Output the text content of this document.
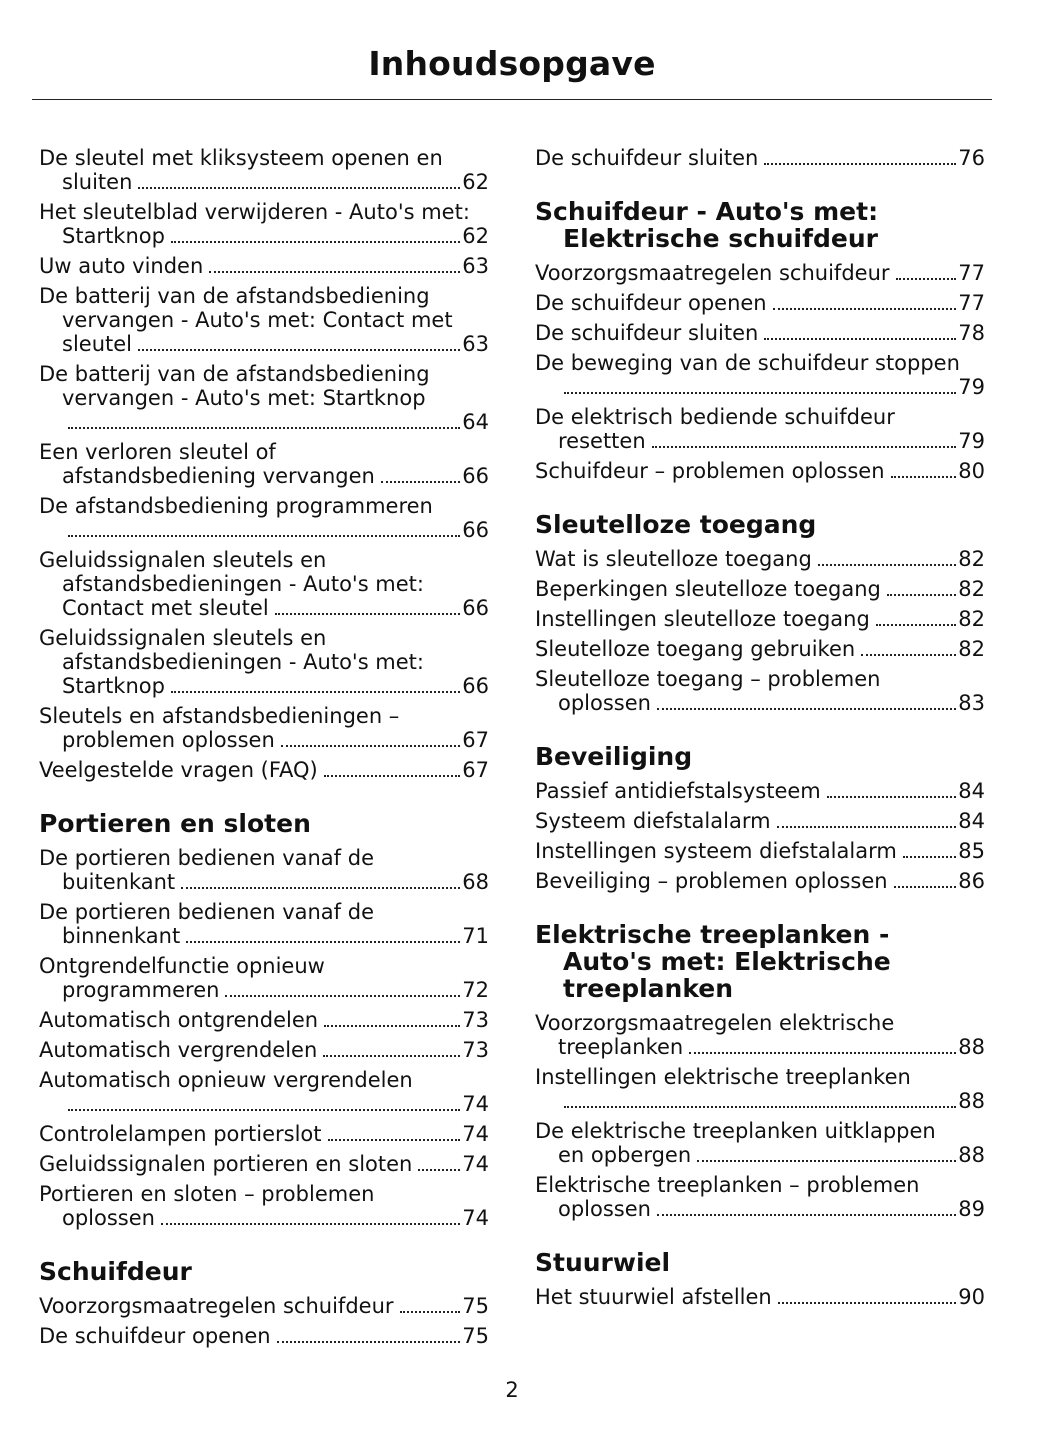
Inhoudsopgave
De sleutel met kliksysteem openen en
sluiten	62
Het sleutelblad verwijderen - Auto's met:
Startknop	62
Uw auto vinden	63
De batterij van de afstandsbediening
vervangen - Auto's met: Contact met
sleutel	63
De batterij van de afstandsbediening
vervangen - Auto's met: Startknop
64
Een verloren sleutel of
afstandsbediening vervangen	66
De afstandsbediening programmeren
66
Geluidssignalen sleutels en
afstandsbedieningen - Auto's met:
Contact met sleutel	66
Geluidssignalen sleutels en
afstandsbedieningen - Auto's met:
Startknop	66
Sleutels en afstandsbedieningen –
problemen oplossen	67
Veelgestelde vragen (FAQ)	67
Portieren en sloten
De portieren bedienen vanaf de
buitenkant	68
De portieren bedienen vanaf de
binnenkant	71
Ontgrendelfunctie opnieuw
programmeren	72
Automatisch ontgrendelen	73
Automatisch vergrendelen	73
Automatisch opnieuw vergrendelen
74
Controlelampen portierslot	74
Geluidssignalen portieren en sloten 74
Portieren en sloten – problemen
oplossen	74
Schuifdeur
Voorzorgsmaatregelen schuifdeur	75
De schuifdeur openen	75
De schuifdeur sluiten	76
Schuifdeur - Auto's met:
Elektrische schuifdeur
Voorzorgsmaatregelen schuifdeur	77
De schuifdeur openen	77
De schuifdeur sluiten	78
De beweging van de schuifdeur stoppen
79
De elektrisch bediende schuifdeur
resetten	79
Schuifdeur – problemen oplossen	80
Sleutelloze toegang
Wat is sleutelloze toegang	82
Beperkingen sleutelloze toegang	82
Instellingen sleutelloze toegang	82
Sleutelloze toegang gebruiken	82
Sleutelloze toegang – problemen
oplossen	83
Beveiliging
Passief antidiefstalsysteem	84
Systeem diefstalalarm	84
Instellingen systeem diefstalalarm	85
Beveiliging – problemen oplossen	86
Elektrische treeplanken -
Auto's met: Elektrische
treeplanken
Voorzorgsmaatregelen elektrische
treeplanken	88
Instellingen elektrische treeplanken
88
De elektrische treeplanken uitklappen
en opbergen	88
Elektrische treeplanken – problemen
oplossen	89
Stuurwiel
Het stuurwiel afstellen	90
2
